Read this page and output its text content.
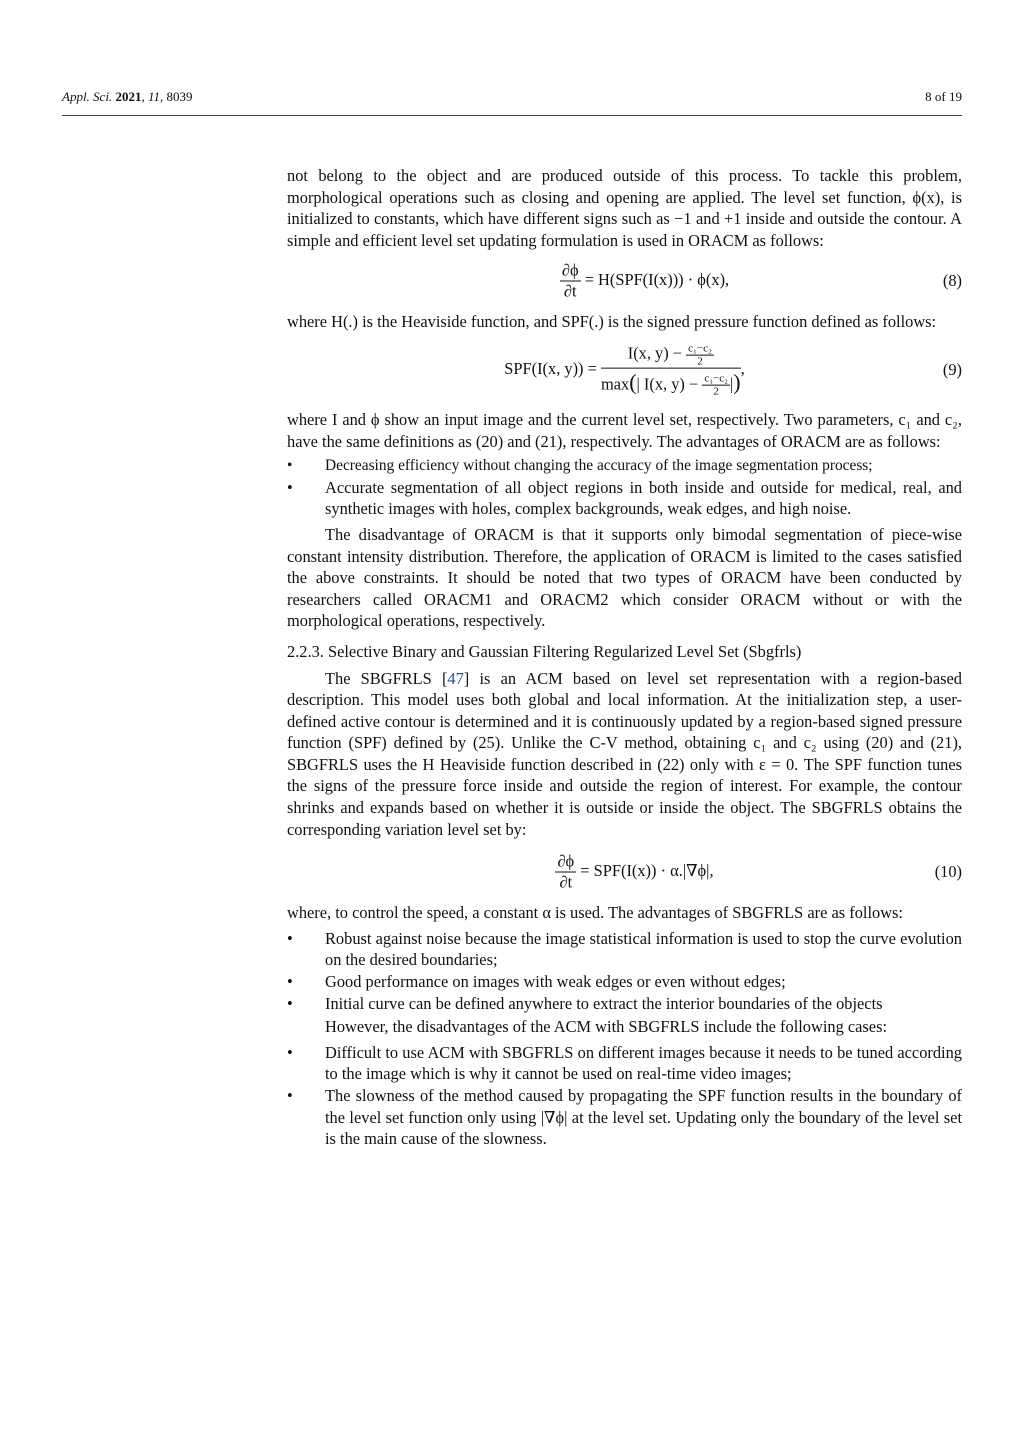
Appl. Sci. 2021, 11, 8039	8 of 19

not belong to the object and are produced outside of this process. To tackle this problem, morphological operations such as closing and opening are applied. The level set function, ϕ(x), is initialized to constants, which have different signs such as −1 and +1 inside and outside the contour. A simple and efficient level set updating formulation is used in ORACM as follows:

$\frac{\partial\phi}{\partial t} = H(SPF(I(x))) \cdot \phi(x)$,	(8)

where H(.) is the Heaviside function, and SPF(.) is the signed pressure function defined as follows:

SPF(I(x, $y)) = \frac{I(x, y) - \frac{\text{c₁−c₂}}{2}}{\max(| I(x, y) - \frac{\text{c₁−c₂}}{2} |)}$ ,	(9)

where I and ϕ show an input image and the current level set, respectively. Two parameters, c₁ and c₂, have the same definitions as (20) and (21), respectively. The advantages of ORACM are as follows:

• Decreasing efficiency without changing the accuracy of the image segmentation process;
• Accurate segmentation of all object regions in both inside and outside for medical, real, and synthetic images with holes, complex backgrounds, weak edges, and high noise.

The disadvantage of ORACM is that it supports only bimodal segmentation of piece-wise constant intensity distribution. Therefore, the application of ORACM is limited to the cases satisfied the above constraints. It should be noted that two types of ORACM have been conducted by researchers called ORACM1 and ORACM2 which consider ORACM without or with the morphological operations, respectively.

2.2.3. Selective Binary and Gaussian Filtering Regularized Level Set (Sbgfrls)

The SBGFRLS [47] is an ACM based on level set representation with a region-based description. This model uses both global and local information. At the initialization step, a user-defined active contour is determined and it is continuously updated by a region-based signed pressure function (SPF) defined by (25). Unlike the C-V method, obtaining c₁ and c₂ using (20) and (21), SBGFRLS uses the H Heaviside function described in (22) only with ε = 0. The SPF function tunes the signs of the pressure force inside and outside the region of interest. For example, the contour shrinks and expands based on whether it is outside or inside the object. The SBGFRLS obtains the corresponding variation level set by:

$\frac{\partial\phi}{\partial t} = SPF(I(x)) \cdot \alpha.|\nabla\phi|$,	(10)

where, to control the speed, a constant α is used. The advantages of SBGFRLS are as follows:

• Robust against noise because the image statistical information is used to stop the curve evolution on the desired boundaries;
• Good performance on images with weak edges or even without edges;
• Initial curve can be defined anywhere to extract the interior boundaries of the objects

However, the disadvantages of the ACM with SBGFRLS include the following cases:

• Difficult to use ACM with SBGFRLS on different images because it needs to be tuned according to the image which is why it cannot be used on real-time video images;
• The slowness of the method caused by propagating the SPF function results in the boundary of the level set function only using |∇ϕ| at the level set. Updating only the boundary of the level set is the main cause of the slowness.
